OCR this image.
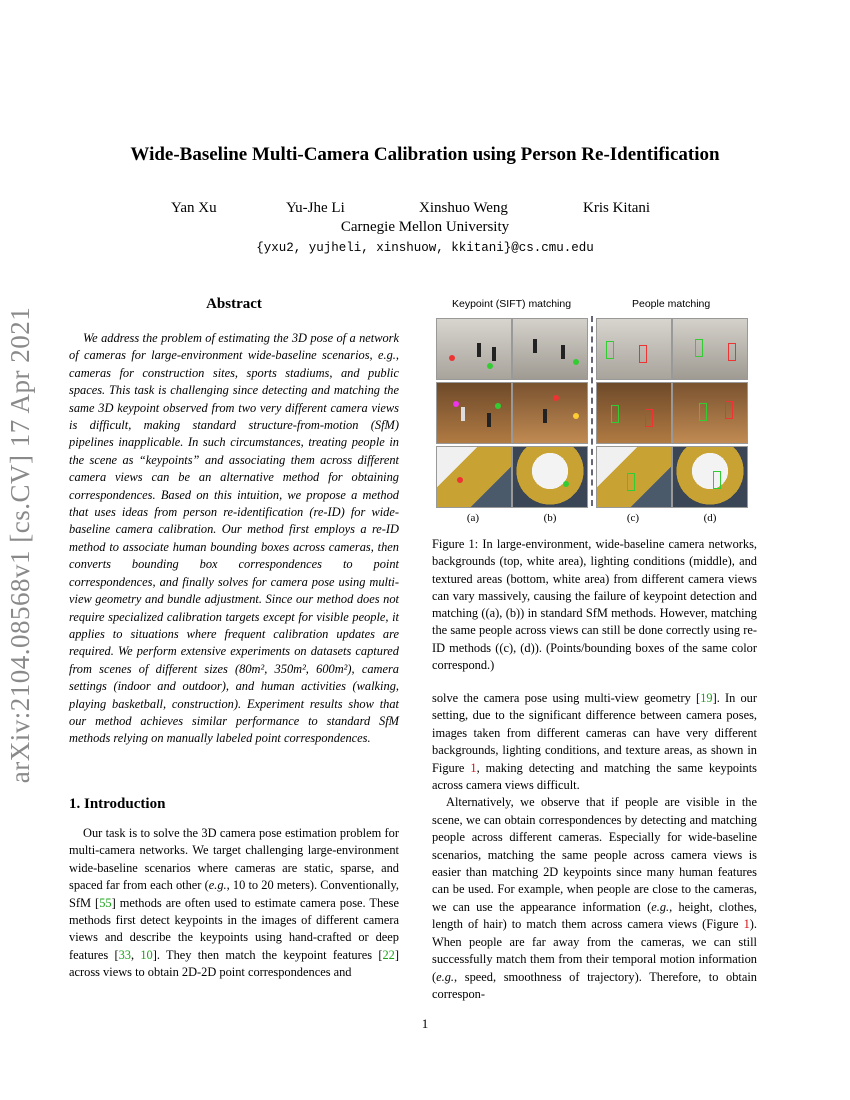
arXiv:2104.08568v1 [cs.CV] 17 Apr 2021
Wide-Baseline Multi-Camera Calibration using Person Re-Identification
Yan Xu	Yu-Jhe Li	Xinshuo Weng	Kris Kitani
Carnegie Mellon University
{yxu2, yujheli, xinshuow, kkitani}@cs.cmu.edu
Abstract

We address the problem of estimating the 3D pose of a network of cameras for large-environment wide-baseline scenarios, e.g., cameras for construction sites, sports stadiums, and public spaces. This task is challenging since detecting and matching the same 3D keypoint observed from two very different camera views is difficult, making standard structure-from-motion (SfM) pipelines inapplicable. In such circumstances, treating people in the scene as “keypoints” and associating them across different camera views can be an alternative method for obtaining correspondences. Based on this intuition, we propose a method that uses ideas from person re-identification (re-ID) for wide-baseline camera calibration. Our method first employs a re-ID method to associate human bounding boxes across cameras, then converts bounding box correspondences to point correspondences, and finally solves for camera pose using multi-view geometry and bundle adjustment. Since our method does not require specialized calibration targets except for visible people, it applies to situations where frequent calibration updates are required. We perform extensive experiments on datasets captured from scenes of different sizes (80m², 350m², 600m²), camera settings (indoor and outdoor), and human activities (walking, playing basketball, construction). Experiment results show that our method achieves similar performance to standard SfM methods relying on manually labeled point correspondences.

1. Introduction

Our task is to solve the 3D camera pose estimation problem for multi-camera networks. We target challenging large-environment wide-baseline scenarios where cameras are static, sparse, and spaced far from each other (e.g., 10 to 20 meters). Conventionally, SfM [55] methods are often used to estimate camera pose. These methods first detect keypoints in the images of different camera views and describe the keypoints using hand-crafted or deep features [33, 10]. They then match the keypoint features [22] across views to obtain 2D-2D point correspondences and

Keypoint (SIFT) matching	People matching
(a)	(b)	(c)	(d)

Figure 1: In large-environment, wide-baseline camera networks, backgrounds (top, white area), lighting conditions (middle), and textured areas (bottom, white area) from different camera views can vary massively, causing the failure of keypoint detection and matching ((a), (b)) in standard SfM methods. However, matching the same people across views can still be done correctly using re-ID methods ((c), (d)). (Points/bounding boxes of the same color correspond.)

solve the camera pose using multi-view geometry [19]. In our setting, due to the significant difference between camera poses, images taken from different cameras can have very different backgrounds, lighting conditions, and texture areas, as shown in Figure 1, making detecting and matching the same keypoints across camera views difficult.

Alternatively, we observe that if people are visible in the scene, we can obtain correspondences by detecting and matching people across different cameras. Especially for wide-baseline scenarios, matching the same people across camera views is easier than matching 2D keypoints since many human features can be used. For example, when people are close to the cameras, we can use the appearance information (e.g., height, clothes, length of hair) to match them across camera views (Figure 1). When people are far away from the cameras, we can still successfully match them from their temporal motion information (e.g., speed, smoothness of trajectory). Therefore, to obtain correspon-

1
